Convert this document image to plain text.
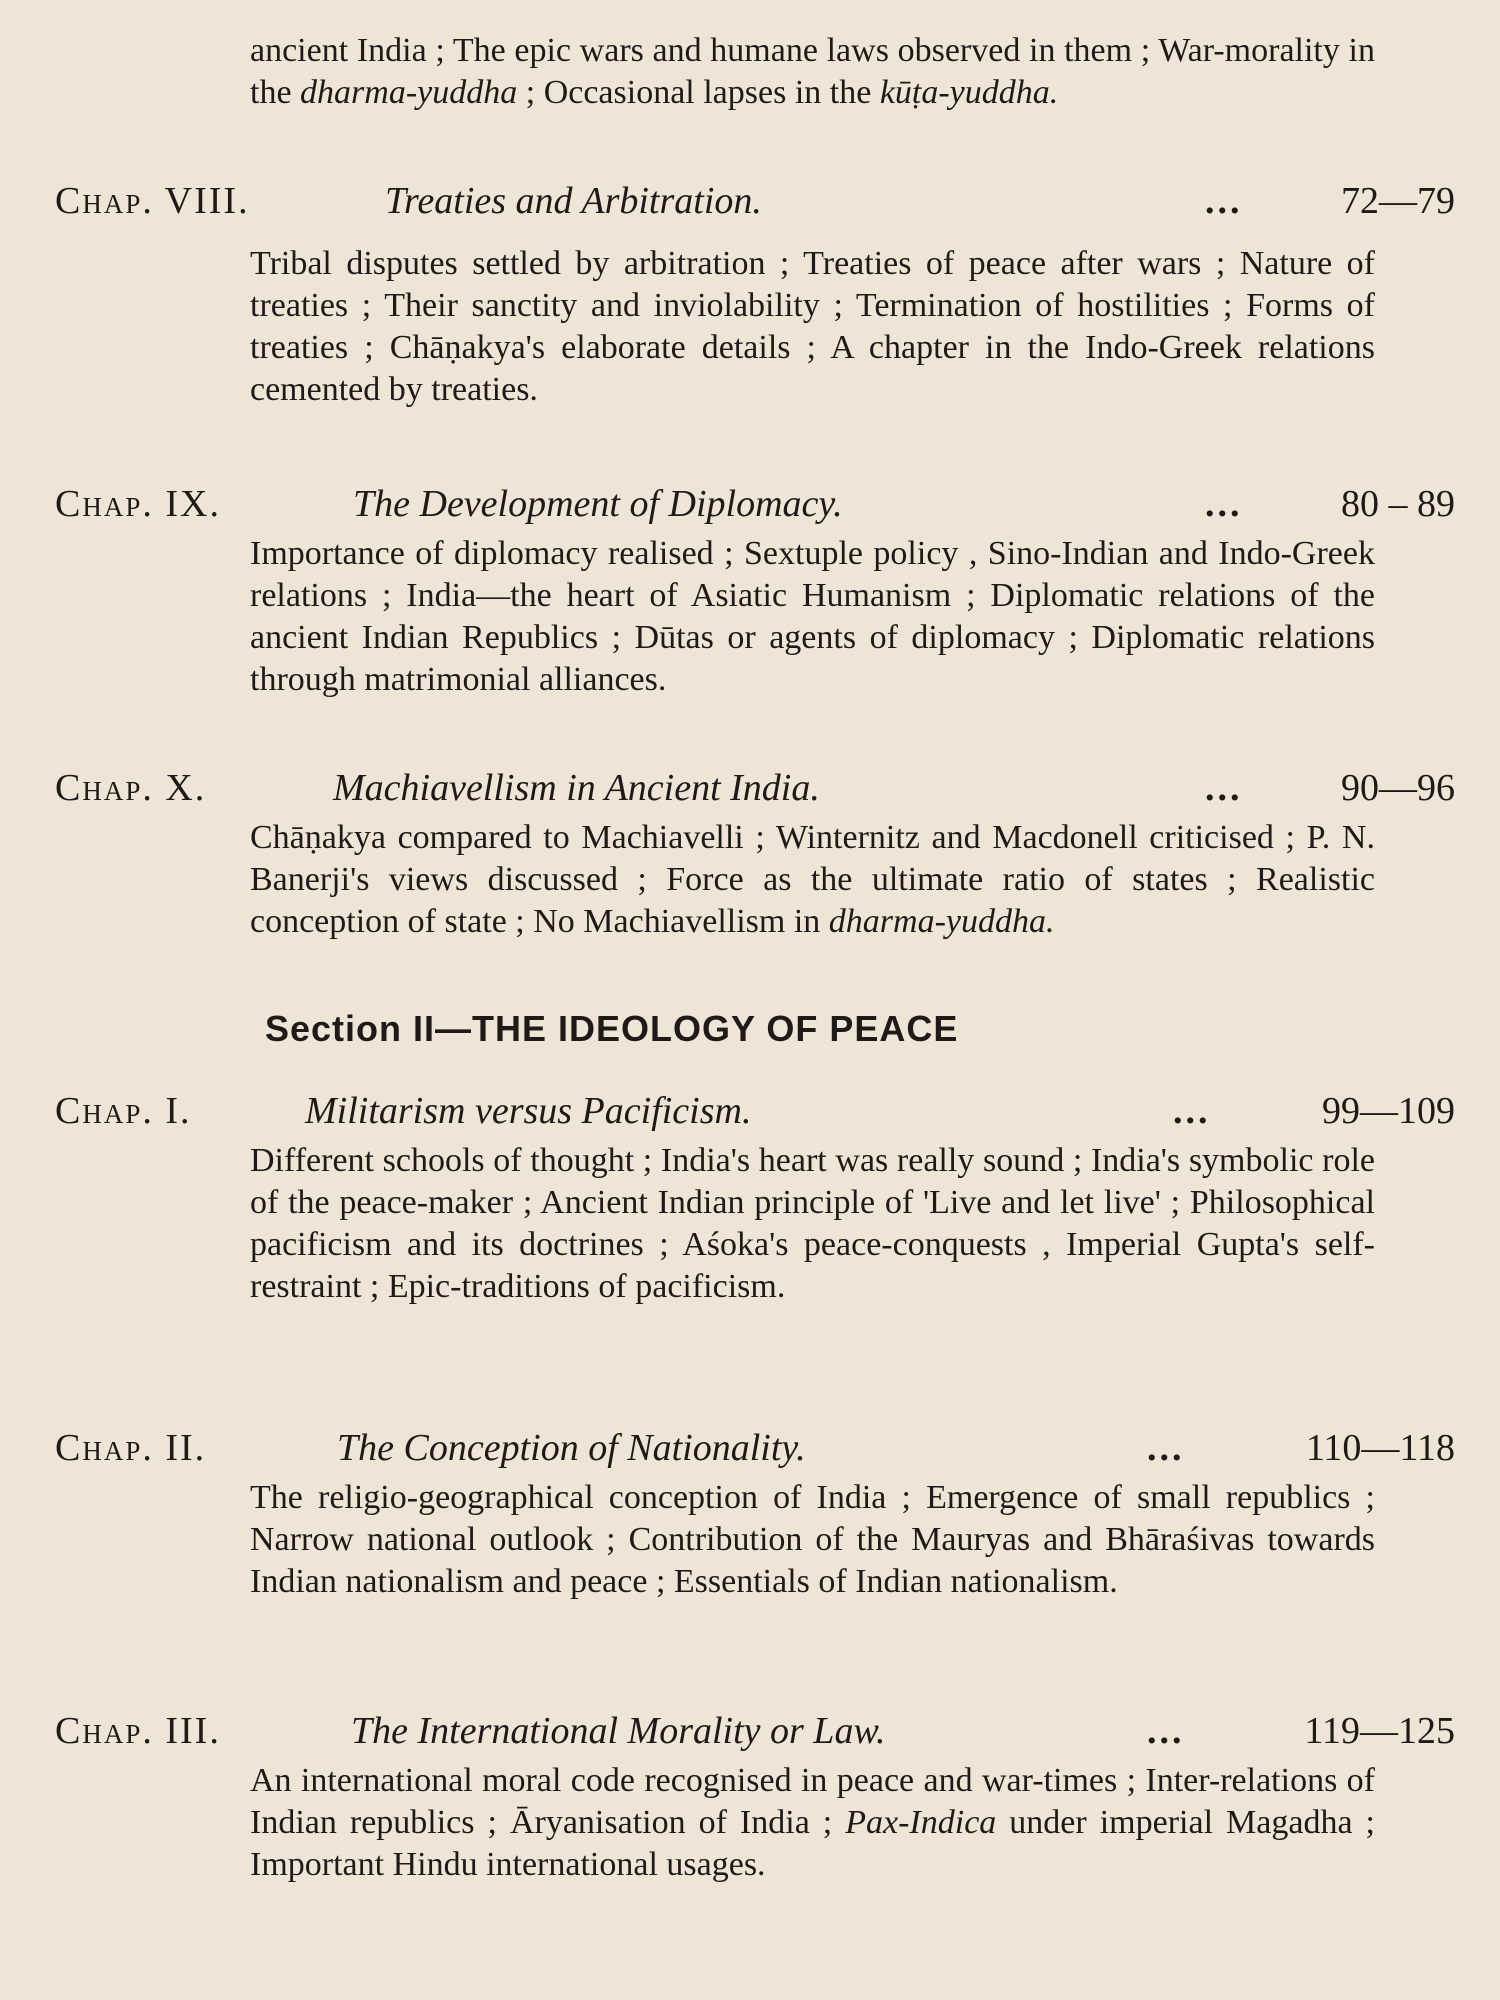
ancient India ; The epic wars and humane laws observed in them ; War-morality in the dharma-yuddha ; Occasional lapses in the kūṭa-yuddha.
Chap. VIII.	Treaties and Arbitration.	...	72—79
Tribal disputes settled by arbitration ; Treaties of peace after wars ; Nature of treaties ; Their sanctity and inviolability ; Termination of hostilities ; Forms of treaties ; Chāṇakya's elaborate details ; A chapter in the Indo-Greek relations cemented by treaties.
Chap. IX.	The Development of Diplomacy.	...	80 – 89
Importance of diplomacy realised ; Sextuple policy , Sino-Indian and Indo-Greek relations ; India—the heart of Asiatic Humanism ; Diplomatic relations of the ancient Indian Republics ; Dūtas or agents of diplomacy ; Diplomatic relations through matrimonial alliances.
Chap. X.	Machiavellism in Ancient India.	...	90—96
Chāṇakya compared to Machiavelli ; Winternitz and Macdonell criticised ; P. N. Banerji's views discussed ; Force as the ultimate ratio of states ; Realistic conception of state ; No Machiavellism in dharma-yuddha.
Section II—THE IDEOLOGY OF PEACE
Chap. I.	Militarism versus Pacificism.	...	99—109
Different schools of thought ; India's heart was really sound ; India's symbolic role of the peace-maker ; Ancient Indian principle of 'Live and let live' ; Philosophical pacificism and its doctrines ; Aśoka's peace-conquests , Imperial Gupta's self-restraint ; Epic-traditions of pacificism.
Chap. II.	The Conception of Nationality.	...	110—118
The religio-geographical conception of India ; Emergence of small republics ; Narrow national outlook ; Contribution of the Mauryas and Bhāraśivas towards Indian nationalism and peace ; Essentials of Indian nationalism.
Chap. III.	The International Morality or Law.	...	119—125
An international moral code recognised in peace and war-times ; Inter-relations of Indian republics ; Āryanisation of India ; Pax-Indica under imperial Magadha ; Important Hindu international usages.
